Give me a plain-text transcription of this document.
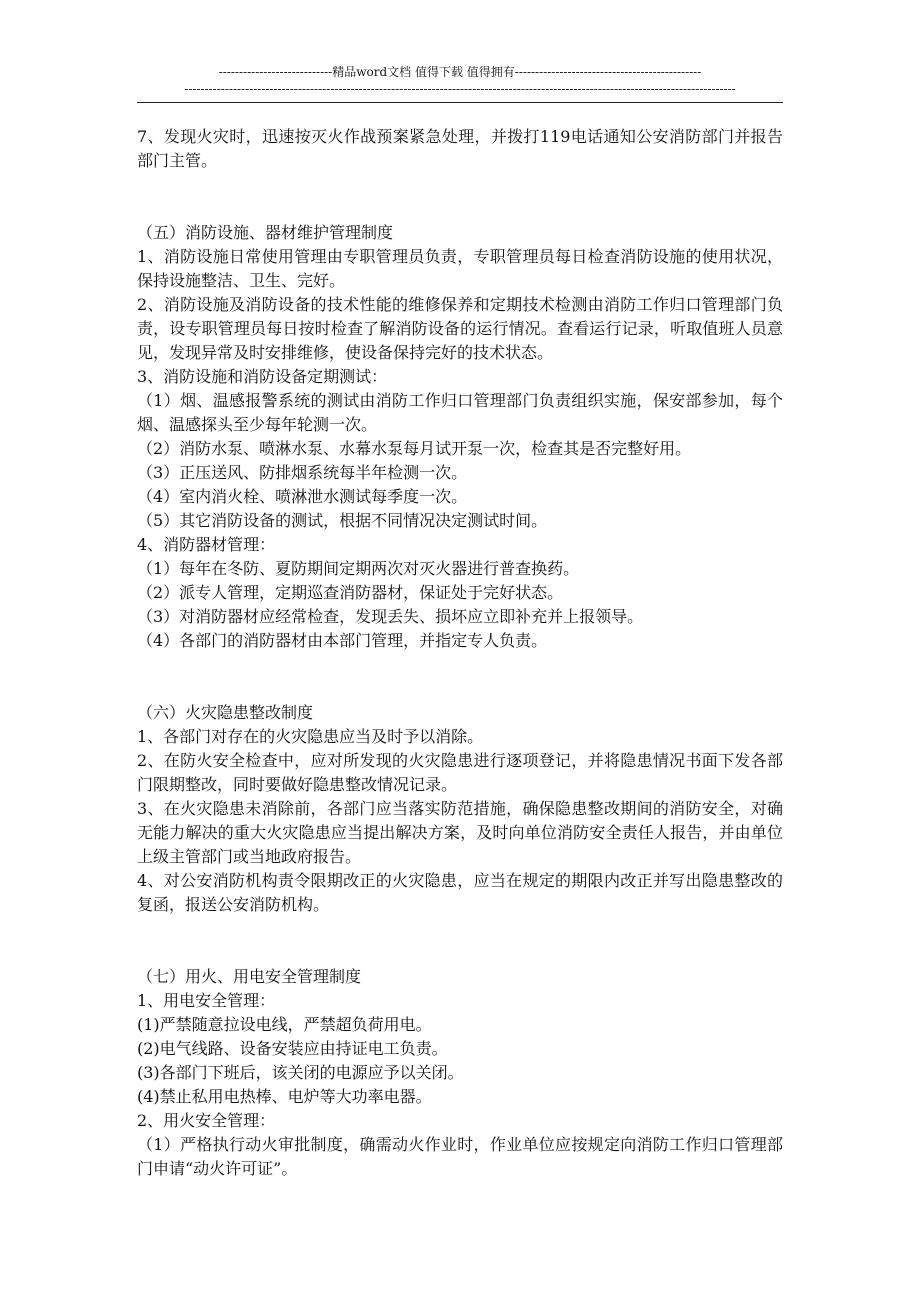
----------------------------精品word文档 值得下载 值得拥有----------------------------------------------
----------------------------------------------------------------------------------------------------------------------------------------

7、发现火灾时，迅速按灭火作战预案紧急处理，并拨打119电话通知公安消防部门并报告部门主管。

（五）消防设施、器材维护管理制度

1、消防设施日常使用管理由专职管理员负责，专职管理员每日检查消防设施的使用状况，保持设施整洁、卫生、完好。

2、消防设施及消防设备的技术性能的维修保养和定期技术检测由消防工作归口管理部门负责，设专职管理员每日按时检查了解消防设备的运行情况。查看运行记录，听取值班人员意见，发现异常及时安排维修，使设备保持完好的技术状态。

3、消防设施和消防设备定期测试：

（1）烟、温感报警系统的测试由消防工作归口管理部门负责组织实施，保安部参加，每个烟、温感探头至少每年轮测一次。

（2）消防水泵、喷淋水泵、水幕水泵每月试开泵一次，检查其是否完整好用。

（3）正压送风、防排烟系统每半年检测一次。

（4）室内消火栓、喷淋泄水测试每季度一次。

（5）其它消防设备的测试，根据不同情况决定测试时间。

4、消防器材管理：

（1）每年在冬防、夏防期间定期两次对灭火器进行普查换药。

（2）派专人管理，定期巡查消防器材，保证处于完好状态。

（3）对消防器材应经常检查，发现丢失、损坏应立即补充并上报领导。

（4）各部门的消防器材由本部门管理，并指定专人负责。

（六）火灾隐患整改制度

1、各部门对存在的火灾隐患应当及时予以消除。

2、在防火安全检查中，应对所发现的火灾隐患进行逐项登记，并将隐患情况书面下发各部门限期整改，同时要做好隐患整改情况记录。

3、在火灾隐患未消除前，各部门应当落实防范措施，确保隐患整改期间的消防安全，对确无能力解决的重大火灾隐患应当提出解决方案，及时向单位消防安全责任人报告，并由单位上级主管部门或当地政府报告。

4、对公安消防机构责令限期改正的火灾隐患，应当在规定的期限内改正并写出隐患整改的复函，报送公安消防机构。

（七）用火、用电安全管理制度

1、用电安全管理：

(1)严禁随意拉设电线，严禁超负荷用电。

(2)电气线路、设备安装应由持证电工负责。

(3)各部门下班后，该关闭的电源应予以关闭。

(4)禁止私用电热棒、电炉等大功率电器。

2、用火安全管理：

（1）严格执行动火审批制度，确需动火作业时，作业单位应按规定向消防工作归口管理部门申请“动火许可证”。
